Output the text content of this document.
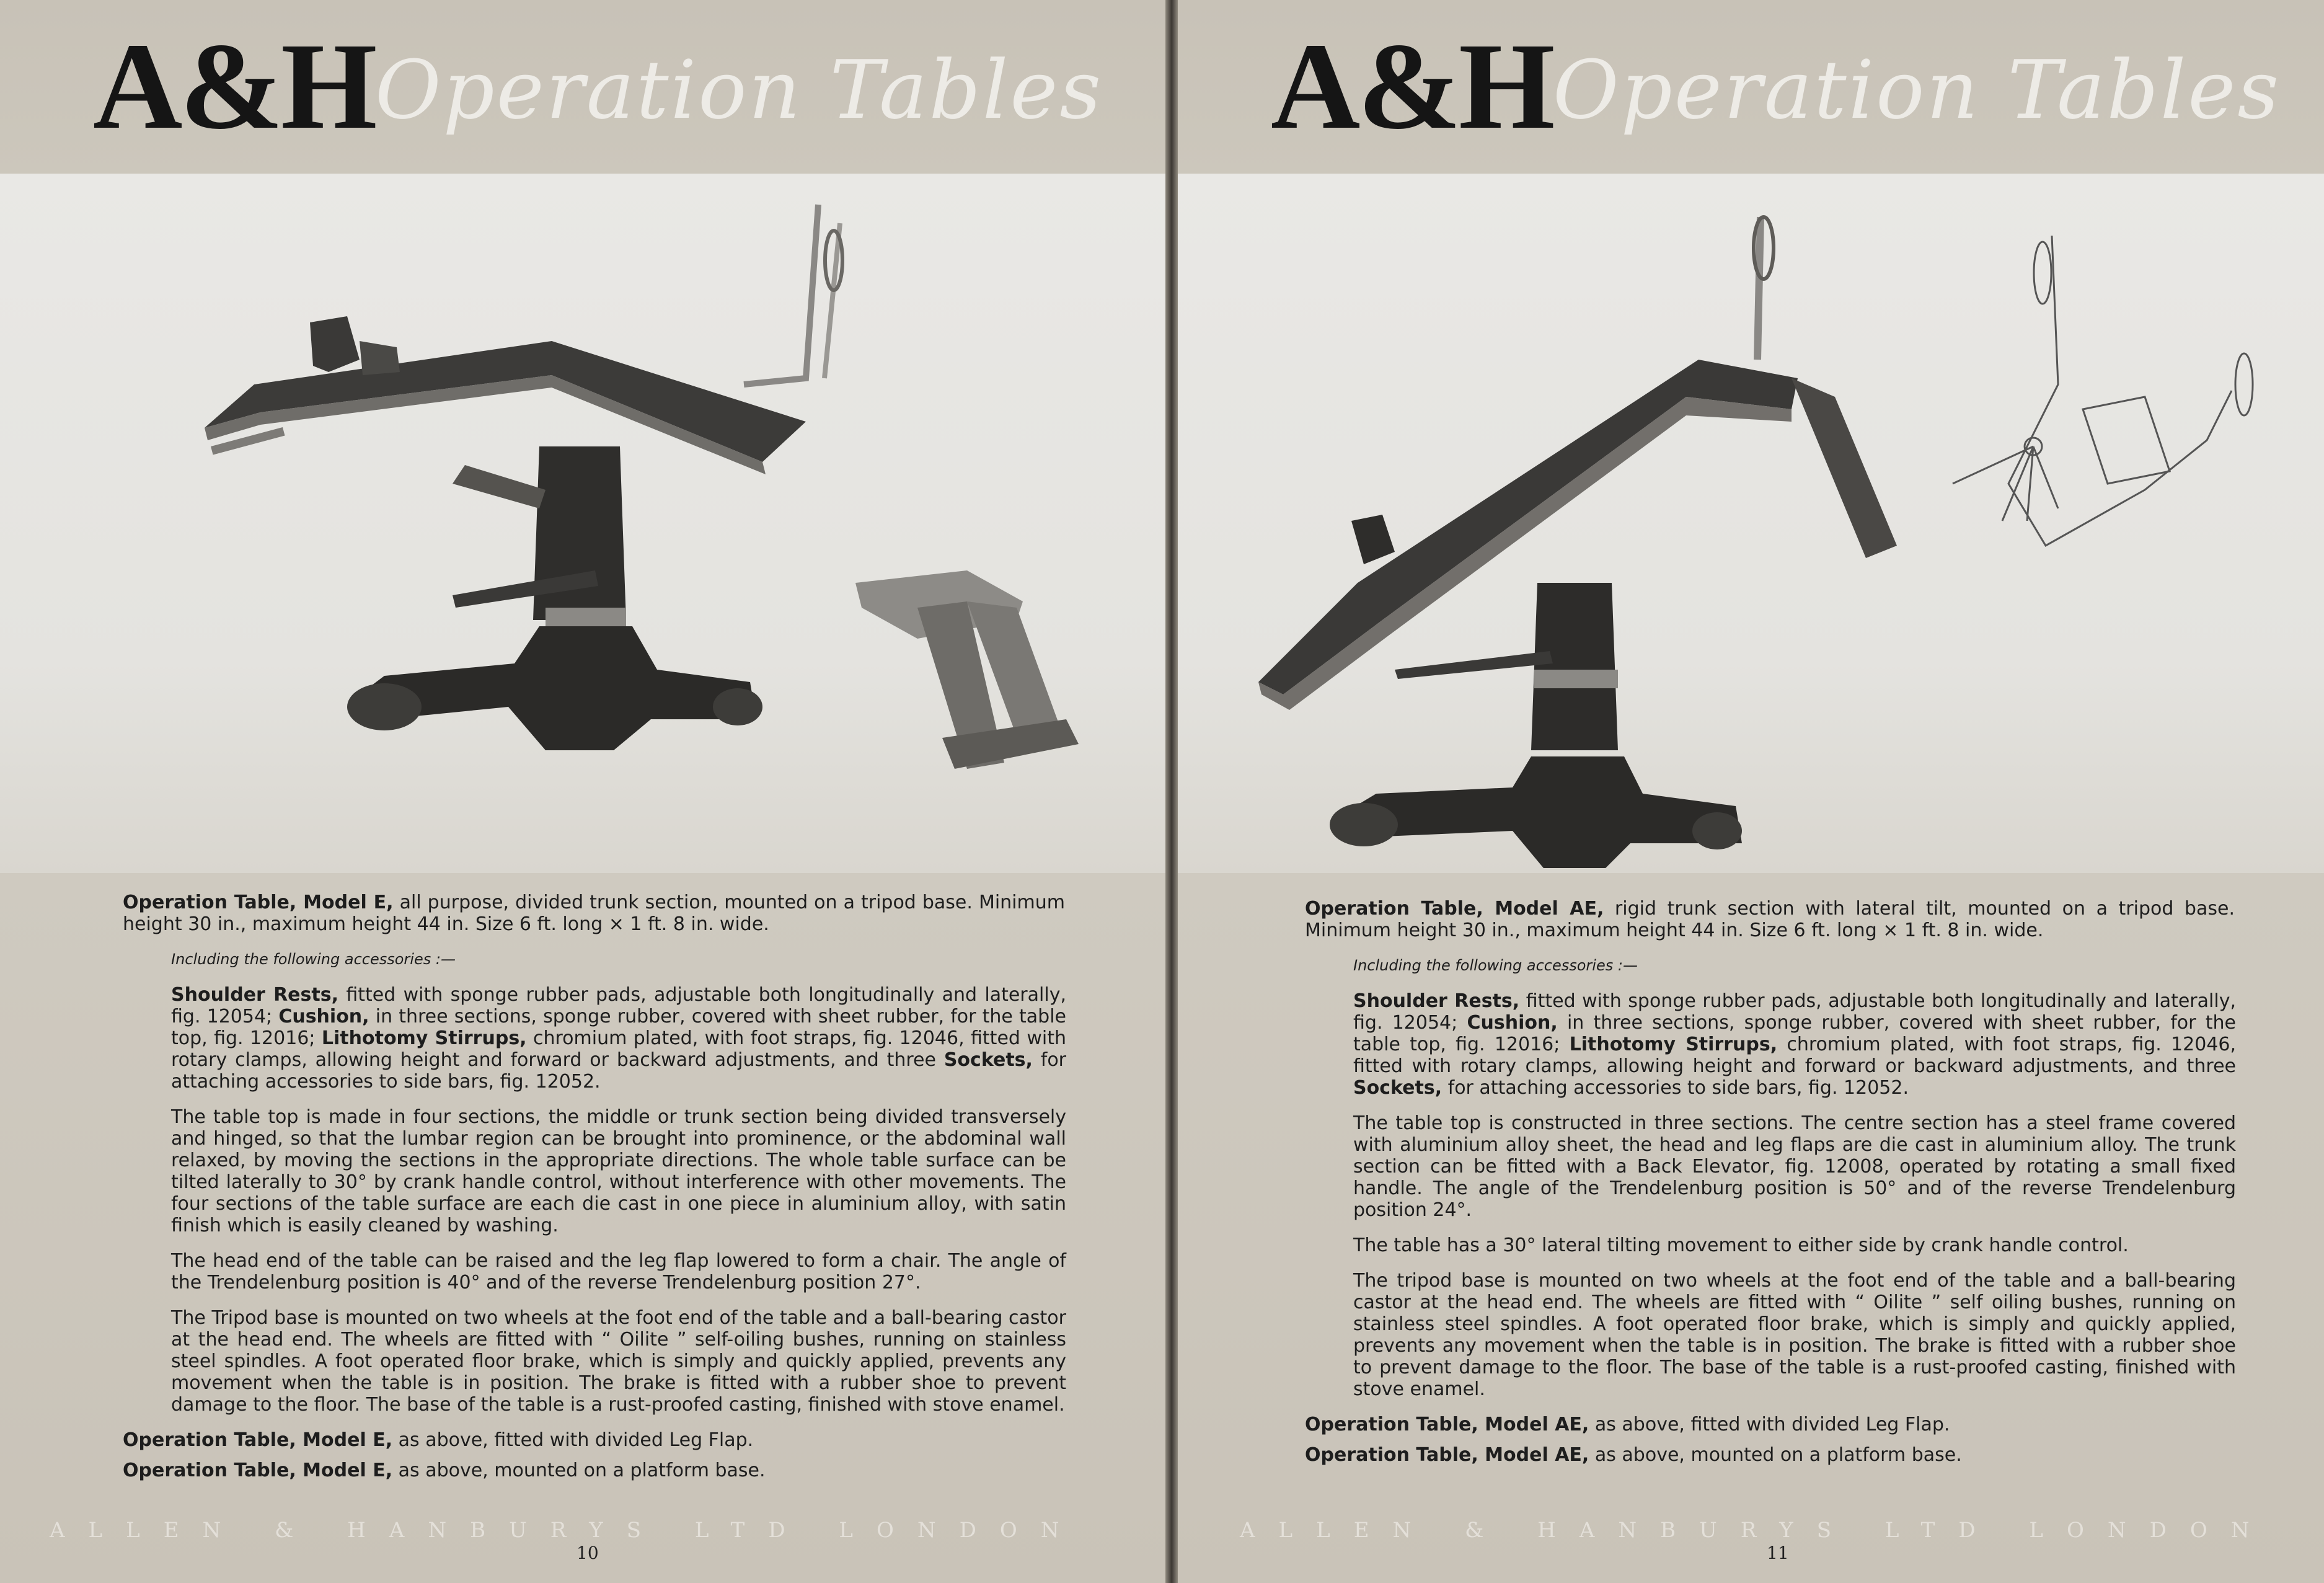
A&H Operation Tables

Operation Table, Model E, all purpose, divided trunk section, mounted on a tripod base. Minimum height 30 in., maximum height 44 in. Size 6 ft. long × 1 ft. 8 in. wide.

Including the following accessories :—

Shoulder Rests, fitted with sponge rubber pads, adjustable both longitudinally and laterally, fig. 12054; Cushion, in three sections, sponge rubber, covered with sheet rubber, for the table top, fig. 12016; Lithotomy Stirrups, chromium plated, with foot straps, fig. 12046, fitted with rotary clamps, allowing height and forward or backward adjustments, and three Sockets, for attaching accessories to side bars, fig. 12052.

The table top is made in four sections, the middle or trunk section being divided transversely and hinged, so that the lumbar region can be brought into prominence, or the abdominal wall relaxed, by moving the sections in the appropriate directions. The whole table surface can be tilted laterally to 30° by crank handle control, without interference with other movements. The four sections of the table surface are each die cast in one piece in aluminium alloy, with satin finish which is easily cleaned by washing.

The head end of the table can be raised and the leg flap lowered to form a chair. The angle of the Trendelenburg position is 40° and of the reverse Trendelenburg position 27°.

The Tripod base is mounted on two wheels at the foot end of the table and a ball-bearing castor at the head end. The wheels are fitted with “ Oilite ” self-oiling bushes, running on stainless steel spindles. A foot operated floor brake, which is simply and quickly applied, prevents any movement when the table is in position. The brake is fitted with a rubber shoe to prevent damage to the floor. The base of the table is a rust-proofed casting, finished with stove enamel.

Operation Table, Model E, as above, fitted with divided Leg Flap.

Operation Table, Model E, as above, mounted on a platform base.

ALLEN & HANBURYS LTD LONDON
10
A&H Operation Tables

Operation Table, Model AE, rigid trunk section with lateral tilt, mounted on a tripod base. Minimum height 30 in., maximum height 44 in. Size 6 ft. long × 1 ft. 8 in. wide.

Including the following accessories :—

Shoulder Rests, fitted with sponge rubber pads, adjustable both longitudinally and laterally, fig. 12054; Cushion, in three sections, sponge rubber, covered with sheet rubber, for the table top, fig. 12016; Lithotomy Stirrups, chromium plated, with foot straps, fig. 12046, fitted with rotary clamps, allowing height and forward or backward adjustments, and three Sockets, for attaching accessories to side bars, fig. 12052.

The table top is constructed in three sections. The centre section has a steel frame covered with aluminium alloy sheet, the head and leg flaps are die cast in aluminium alloy. The trunk section can be fitted with a Back Elevator, fig. 12008, operated by rotating a small fixed handle. The angle of the Trendelenburg position is 50° and of the reverse Trendelenburg position 24°.

The table has a 30° lateral tilting movement to either side by crank handle control.

The tripod base is mounted on two wheels at the foot end of the table and a ball-bearing castor at the head end. The wheels are fitted with “ Oilite ” self oiling bushes, running on stainless steel spindles. A foot operated floor brake, which is simply and quickly applied, prevents any movement when the table is in position. The brake is fitted with a rubber shoe to prevent damage to the floor. The base of the table is a rust-proofed casting, finished with stove enamel.

Operation Table, Model AE, as above, fitted with divided Leg Flap.

Operation Table, Model AE, as above, mounted on a platform base.

ALLEN & HANBURYS LTD LONDON
11
